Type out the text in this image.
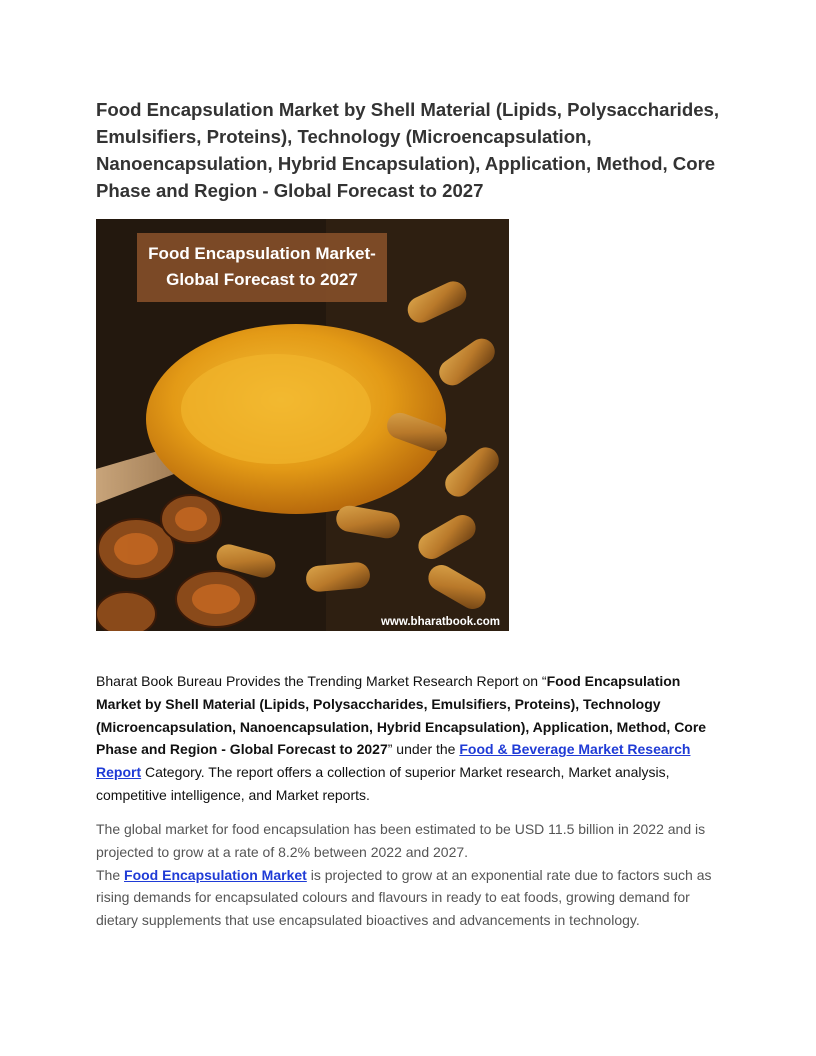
Food Encapsulation Market by Shell Material (Lipids, Polysaccharides, Emulsifiers, Proteins), Technology (Microencapsulation, Nanoencapsulation, Hybrid Encapsulation), Application, Method, Core Phase and Region - Global Forecast to 2027
Food Encapsulation Market-
Global Forecast to 2027
www.bharatbook.com

Bharat Book Bureau Provides the Trending Market Research Report on “Food Encapsulation Market by Shell Material (Lipids, Polysaccharides, Emulsifiers, Proteins), Technology (Microencapsulation, Nanoencapsulation, Hybrid Encapsulation), Application, Method, Core Phase and Region - Global Forecast to 2027” under the Food & Beverage Market Research Report Category. The report offers a collection of superior Market research, Market analysis, competitive intelligence, and Market reports.

The global market for food encapsulation has been estimated to be USD 11.5 billion in 2022 and is projected to grow at a rate of 8.2% between 2022 and 2027.
The Food Encapsulation Market is projected to grow at an exponential rate due to factors such as rising demands for encapsulated colours and flavours in ready to eat foods, growing demand for dietary supplements that use encapsulated bioactives and advancements in technology.
